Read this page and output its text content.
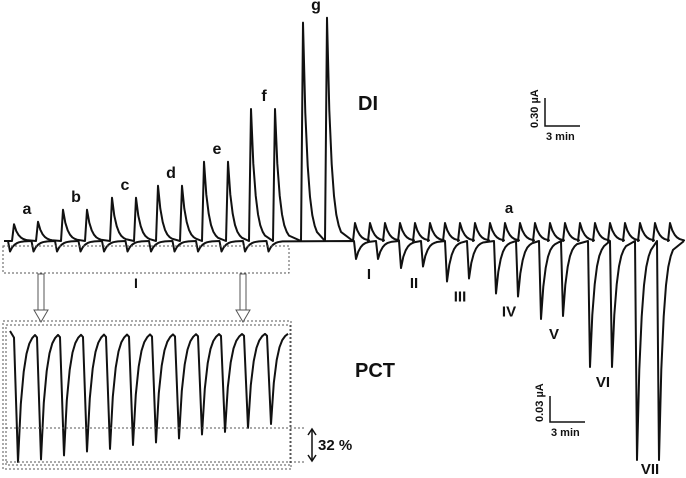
32 %
DI
PCT
I
0.30 µA
3 min
0.03 µA
3 min
a
b
c
d
e
f
g
a
I
II
III
IV
V
VI
VII
